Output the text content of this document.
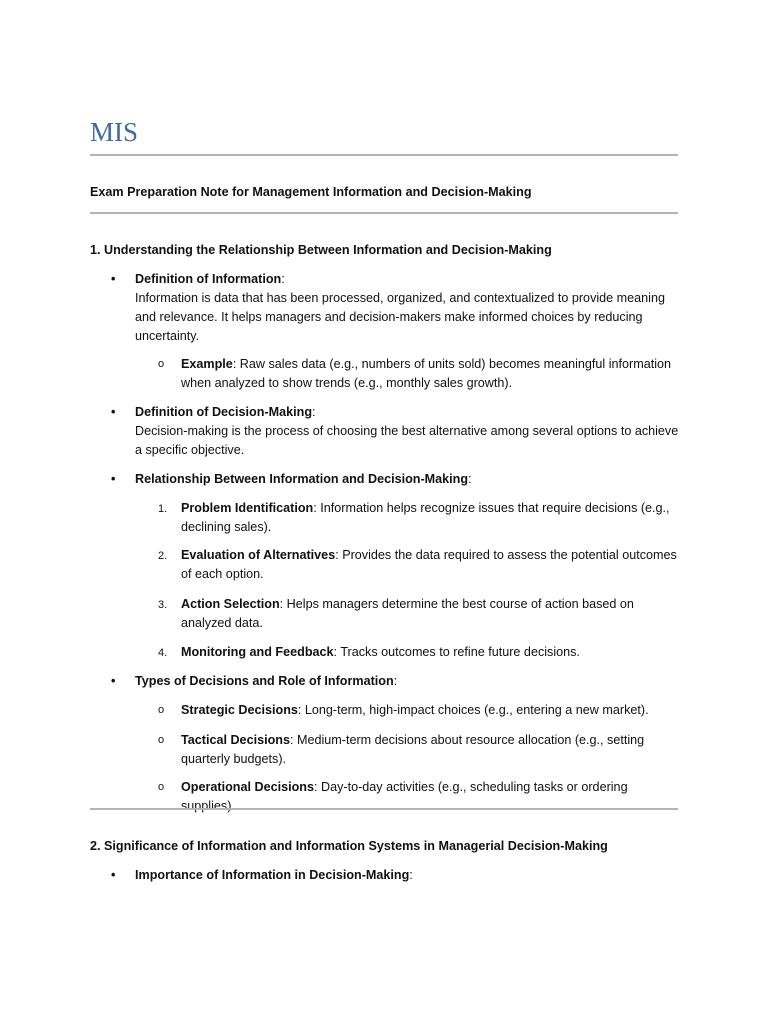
MIS

Exam Preparation Note for Management Information and Decision-Making

1. Understanding the Relationship Between Information and Decision-Making

• Definition of Information:
Information is data that has been processed, organized, and contextualized to provide meaning and relevance. It helps managers and decision-makers make informed choices by reducing uncertainty.
o Example: Raw sales data (e.g., numbers of units sold) becomes meaningful information when analyzed to show trends (e.g., monthly sales growth).
• Definition of Decision-Making:
Decision-making is the process of choosing the best alternative among several options to achieve a specific objective.
• Relationship Between Information and Decision-Making:
1. Problem Identification: Information helps recognize issues that require decisions (e.g., declining sales).
2. Evaluation of Alternatives: Provides the data required to assess the potential outcomes of each option.
3. Action Selection: Helps managers determine the best course of action based on analyzed data.
4. Monitoring and Feedback: Tracks outcomes to refine future decisions.
• Types of Decisions and Role of Information:
o Strategic Decisions: Long-term, high-impact choices (e.g., entering a new market).
o Tactical Decisions: Medium-term decisions about resource allocation (e.g., setting quarterly budgets).
o Operational Decisions: Day-to-day activities (e.g., scheduling tasks or ordering supplies).

2. Significance of Information and Information Systems in Managerial Decision-Making

• Importance of Information in Decision-Making:
